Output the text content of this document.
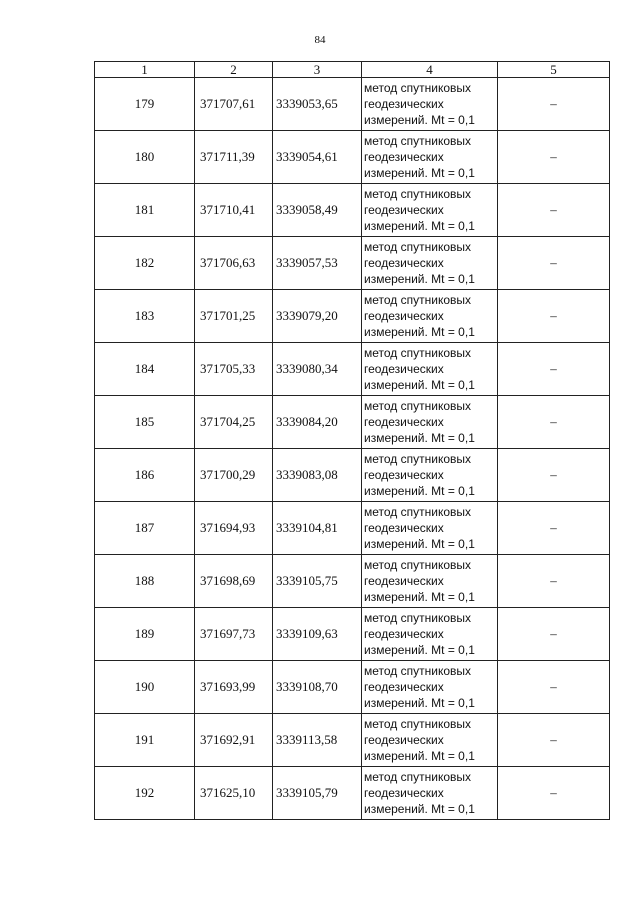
84
1	2	3	4	5
179	371707,61	3339053,65	метод спутниковых
геодезических
измерений. Mt = 0,1	–
180	371711,39	3339054,61	метод спутниковых
геодезических
измерений. Mt = 0,1	–
181	371710,41	3339058,49	метод спутниковых
геодезических
измерений. Mt = 0,1	–
182	371706,63	3339057,53	метод спутниковых
геодезических
измерений. Mt = 0,1	–
183	371701,25	3339079,20	метод спутниковых
геодезических
измерений. Mt = 0,1	–
184	371705,33	3339080,34	метод спутниковых
геодезических
измерений. Mt = 0,1	–
185	371704,25	3339084,20	метод спутниковых
геодезических
измерений. Mt = 0,1	–
186	371700,29	3339083,08	метод спутниковых
геодезических
измерений. Mt = 0,1	–
187	371694,93	3339104,81	метод спутниковых
геодезических
измерений. Mt = 0,1	–
188	371698,69	3339105,75	метод спутниковых
геодезических
измерений. Mt = 0,1	–
189	371697,73	3339109,63	метод спутниковых
геодезических
измерений. Mt = 0,1	–
190	371693,99	3339108,70	метод спутниковых
геодезических
измерений. Mt = 0,1	–
191	371692,91	3339113,58	метод спутниковых
геодезических
измерений. Mt = 0,1	–
192	371625,10	3339105,79	метод спутниковых
геодезических
измерений. Mt = 0,1	–
